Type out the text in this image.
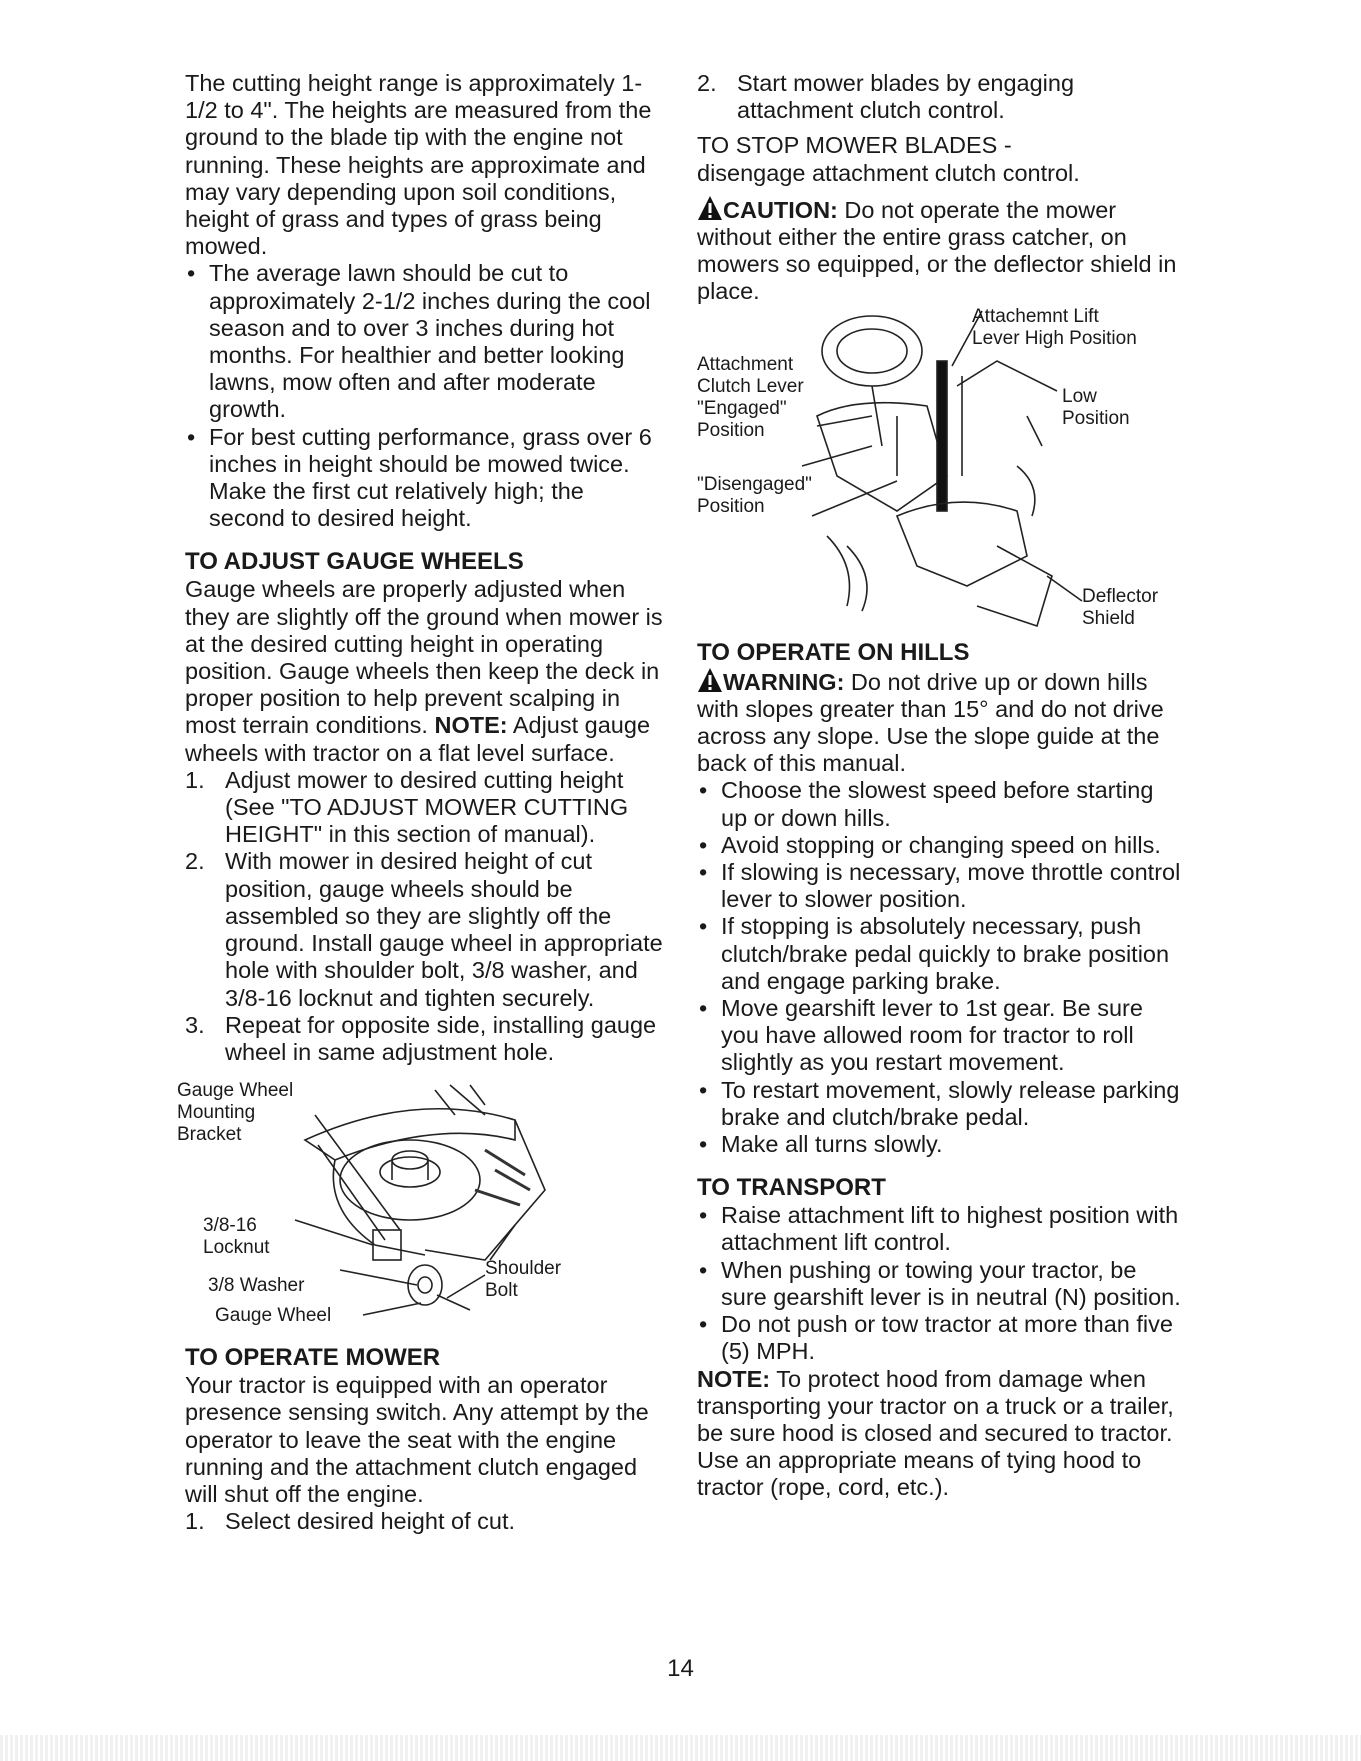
The cutting height range is approximately 1-1/2 to 4". The heights are measured from the ground to the blade tip with the engine not running. These heights are approximate and may vary depending upon soil conditions, height of grass and types of grass being mowed.

• The average lawn should be cut to approximately 2-1/2 inches during the cool season and to over 3 inches during hot months. For healthier and better looking lawns, mow often and after moderate growth.
• For best cutting performance, grass over 6 inches in height should be mowed twice. Make the first cut relatively high; the second to desired height.
TO ADJUST GAUGE WHEELS

Gauge wheels are properly adjusted when they are slightly off the ground when mower is at the desired cutting height in operating position. Gauge wheels then keep the deck in proper position to help prevent scalping in most terrain conditions. NOTE: Adjust gauge wheels with tractor on a flat level surface.

1. Adjust mower to desired cutting height (See "TO ADJUST MOWER CUTTING HEIGHT" in this section of manual).
2. With mower in desired height of cut position, gauge wheels should be assembled so they are slightly off the ground. Install gauge wheel in appropriate hole with shoulder bolt, 3/8 washer, and 3/8-16 locknut and tighten securely.
3. Repeat for opposite side, installing gauge wheel in same adjustment hole.
Gauge Wheel
Mounting
Bracket
3/8-16
Locknut
3/8 Washer
Gauge Wheel
Shoulder
Bolt
TO OPERATE MOWER

Your tractor is equipped with an operator presence sensing switch. Any attempt by the operator to leave the seat with the engine running and the attachment clutch engaged will shut off the engine.

1. Select desired height of cut.
2. Start mower blades by engaging attachment clutch control.

TO STOP MOWER BLADES -

disengage attachment clutch control.

CAUTION: Do not operate the mower without either the entire grass catcher, on mowers so equipped, or the deflector shield in place.

Attachemnt Lift
Lever High Position
Attachment
Clutch Lever
"Engaged"
Position
Low
Position
"Disengaged"
Position
Deflector
Shield
TO OPERATE ON HILLS

WARNING: Do not drive up or down hills with slopes greater than 15° and do not drive across any slope. Use the slope guide at the back of this manual.

• Choose the slowest speed before starting up or down hills.
• Avoid stopping or changing speed on hills.
• If slowing is necessary, move throttle control lever to slower position.
• If stopping is absolutely necessary, push clutch/brake pedal quickly to brake position and engage parking brake.
• Move gearshift lever to 1st gear. Be sure you have allowed room for tractor to roll slightly as you restart movement.
• To restart movement, slowly release parking brake and clutch/brake pedal.
• Make all turns slowly.
TO TRANSPORT
• Raise attachment lift to highest position with attachment lift control.
• When pushing or towing your tractor, be sure gearshift lever is in neutral (N) position.
• Do not push or tow tractor at more than five (5) MPH.

NOTE: To protect hood from damage when transporting your tractor on a truck or a trailer, be sure hood is closed and secured to tractor. Use an appropriate means of tying hood to tractor (rope, cord, etc.).

14
